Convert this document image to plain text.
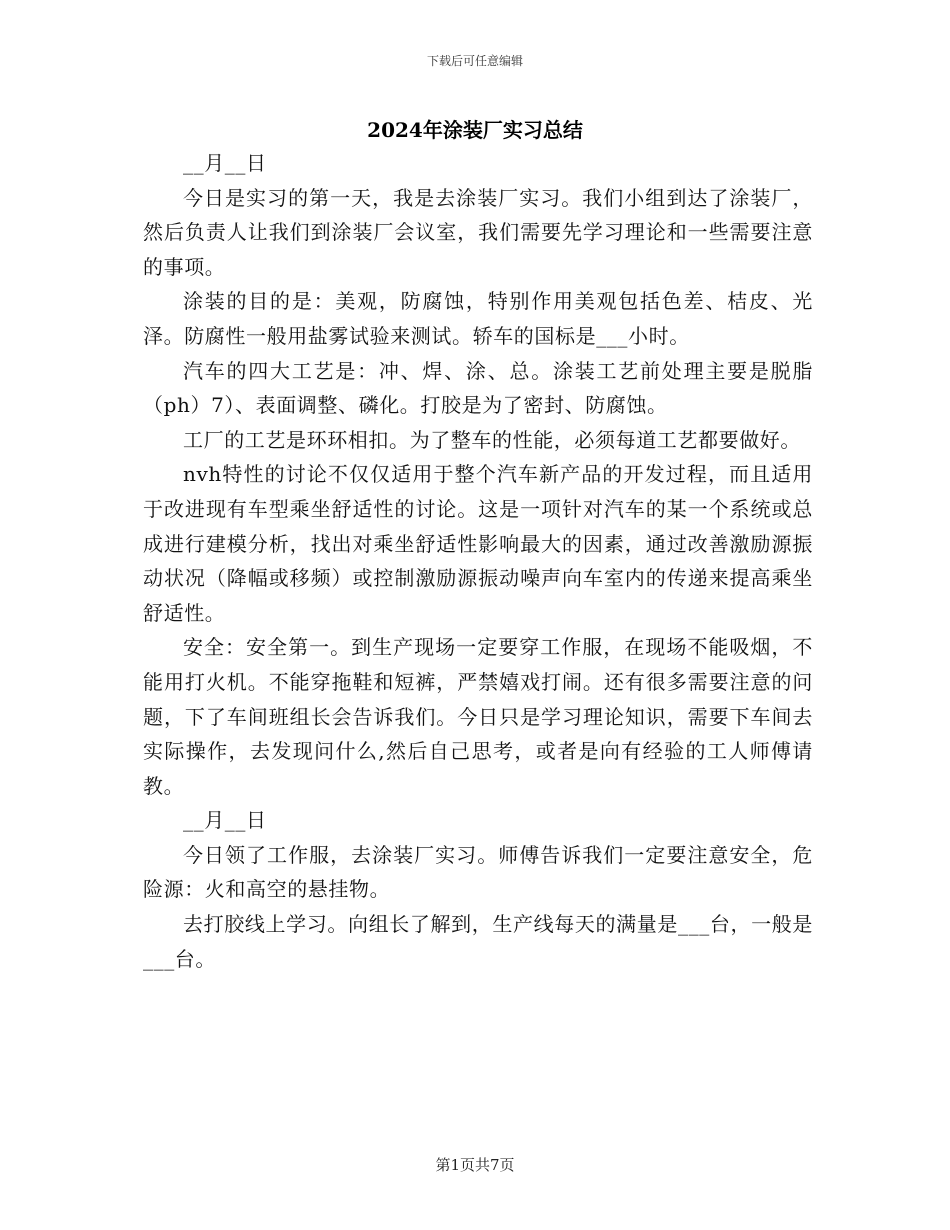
下载后可任意编辑
2024年涂装厂实习总结

__月__日

今日是实习的第一天，我是去涂装厂实习。我们小组到达了涂装厂，然后负责人让我们到涂装厂会议室，我们需要先学习理论和一些需要注意的事项。

涂装的目的是：美观，防腐蚀，特别作用美观包括色差、桔皮、光泽。防腐性一般用盐雾试验来测试。轿车的国标是___小时。

汽车的四大工艺是：冲、焊、涂、总。涂装工艺前处理主要是脱脂（ph）7）、表面调整、磷化。打胶是为了密封、防腐蚀。

工厂的工艺是环环相扣。为了整车的性能，必须每道工艺都要做好。

nvh特性的讨论不仅仅适用于整个汽车新产品的开发过程，而且适用于改进现有车型乘坐舒适性的讨论。这是一项针对汽车的某一个系统或总成进行建模分析，找出对乘坐舒适性影响最大的因素，通过改善激励源振动状况（降幅或移频）或控制激励源振动噪声向车室内的传递来提高乘坐舒适性。

安全：安全第一。到生产现场一定要穿工作服，在现场不能吸烟，不能用打火机。不能穿拖鞋和短裤，严禁嬉戏打闹。还有很多需要注意的问题，下了车间班组长会告诉我们。今日只是学习理论知识，需要下车间去实际操作，去发现问什么,然后自己思考，或者是向有经验的工人师傅请教。

__月__日

今日领了工作服，去涂装厂实习。师傅告诉我们一定要注意安全，危险源：火和高空的悬挂物。

去打胶线上学习。向组长了解到，生产线每天的满量是___台，一般是___台。

第1页共7页
